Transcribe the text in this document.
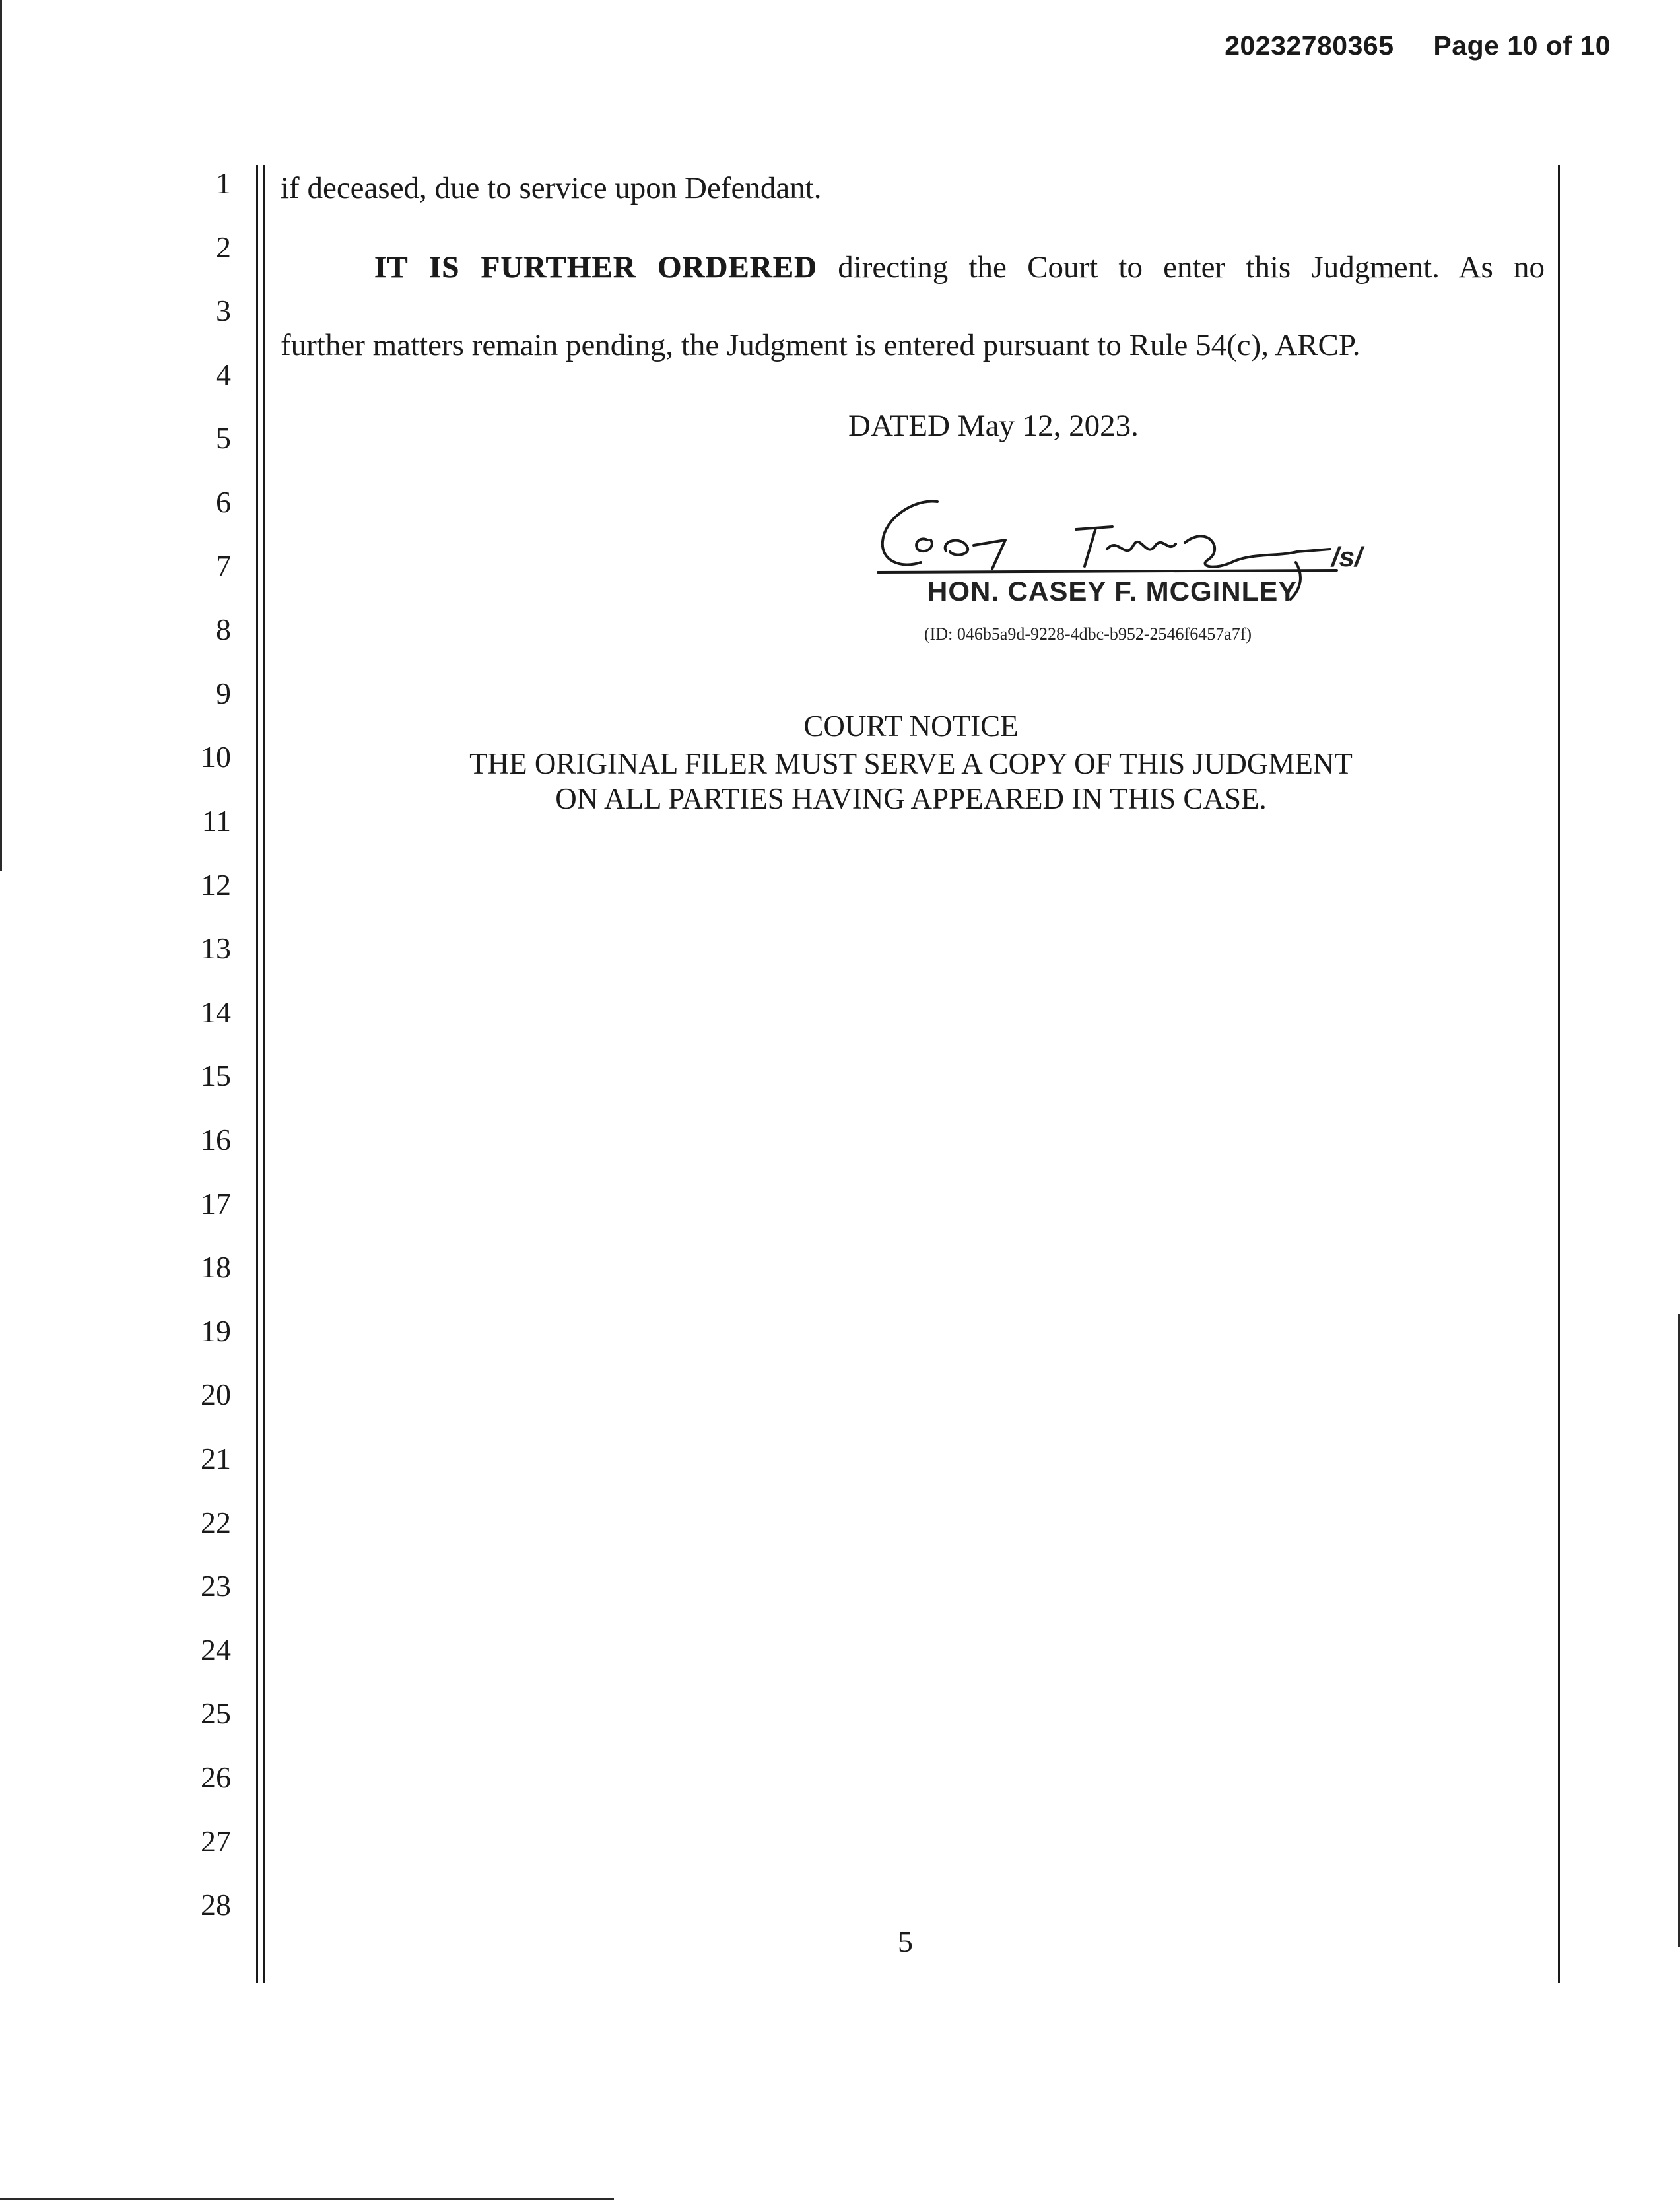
20232780365 Page 10 of 10
1
2
3
4
5
6
7
8
9
10
11
12
13
14
15
16
17
18
19
20
21
22
23
24
25
26
27
28
if deceased, due to service upon Defendant.
IT IS FURTHER ORDERED directing the Court to enter this Judgment. As no
further matters remain pending, the Judgment is entered pursuant to Rule 54(c), ARCP.
DATED May 12, 2023.
/s/
HON. CASEY F. MCGINLEY
(ID: 046b5a9d-9228-4dbc-b952-2546f6457a7f)
COURT NOTICE
THE ORIGINAL FILER MUST SERVE A COPY OF THIS JUDGMENT
ON ALL PARTIES HAVING APPEARED IN THIS CASE.
5
